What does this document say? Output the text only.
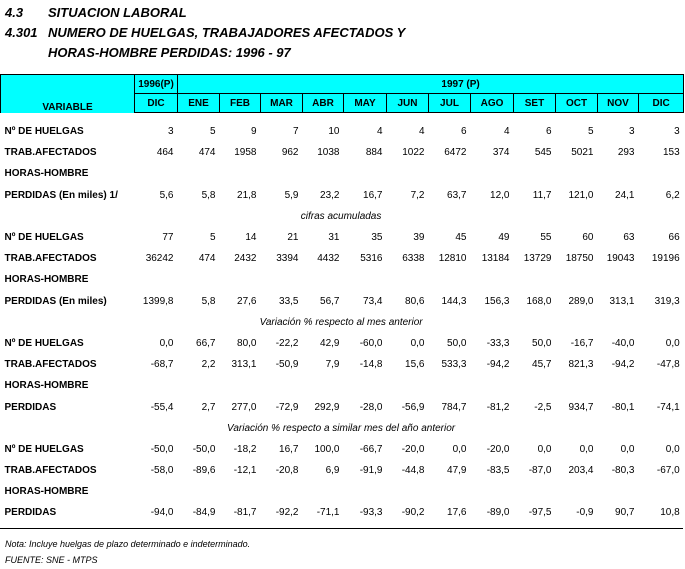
4.3 SITUACION LABORAL
4.301 NUMERO DE HUELGAS, TRABAJADORES AFECTADOS Y
HORAS-HOMBRE PERDIDAS: 1996 - 97
VARIABLE	1996(P)	1997 (P)											
	DIC	ENE	FEB	MAR	ABR	MAY	JUN	JUL	AGO	SET	OCT	NOV	DIC

Nº DE HUELGAS	3	5	9	7	10	4	4	6	4	6	5	3	3
TRAB.AFECTADOS	464	474	1958	962	1038	884	1022	6472	374	545	5021	293	153
HORAS-HOMBRE													
PERDIDAS (En miles) 1/	5,6	5,8	21,8	5,9	23,2	16,7	7,2	63,7	12,0	11,7	121,0	24,1	6,2
cifras acumuladas													
Nº DE HUELGAS	77	5	14	21	31	35	39	45	49	55	60	63	66
TRAB.AFECTADOS	36242	474	2432	3394	4432	5316	6338	12810	13184	13729	18750	19043	19196
HORAS-HOMBRE													
PERDIDAS (En miles)	1399,8	5,8	27,6	33,5	56,7	73,4	80,6	144,3	156,3	168,0	289,0	313,1	319,3
Variación % respecto al mes anterior													
Nº DE HUELGAS	0,0	66,7	80,0	-22,2	42,9	-60,0	0,0	50,0	-33,3	50,0	-16,7	-40,0	0,0
TRAB.AFECTADOS	-68,7	2,2	313,1	-50,9	7,9	-14,8	15,6	533,3	-94,2	45,7	821,3	-94,2	-47,8
HORAS-HOMBRE													
PERDIDAS	-55,4	2,7	277,0	-72,9	292,9	-28,0	-56,9	784,7	-81,2	-2,5	934,7	-80,1	-74,1
Variación % respecto a similar mes del año anterior													
Nº DE HUELGAS	-50,0	-50,0	-18,2	16,7	100,0	-66,7	-20,0	0,0	-20,0	0,0	0,0	0,0	0,0
TRAB.AFECTADOS	-58,0	-89,6	-12,1	-20,8	6,9	-91,9	-44,8	47,9	-83,5	-87,0	203,4	-80,3	-67,0
HORAS-HOMBRE													
PERDIDAS	-94,0	-84,9	-81,7	-92,2	-71,1	-93,3	-90,2	17,6	-89,0	-97,5	-0,9	90,7	10,8
Nota: Incluye huelgas de plazo determinado e indeterminado.
FUENTE: SNE - MTPS
